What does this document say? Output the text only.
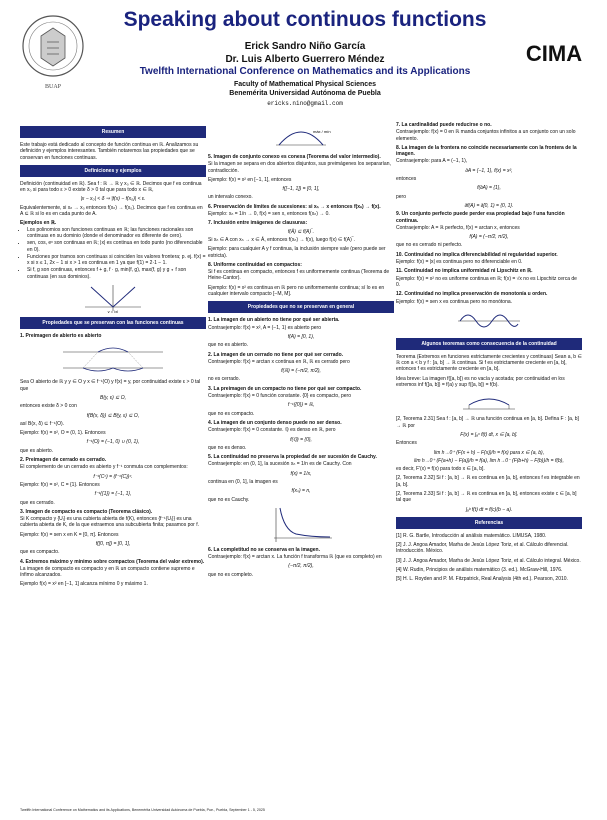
BUAP
Speaking about continuos functions
Erick Sandro Niño García
Dr. Luis Alberto Guerrero Méndez
Twelfth International Conference on Mathematics and its Applications
Faculty of Mathematical Physical Sciences
Benemérita Universidad Autónoma de Puebla
ericks.nino@gmail.com
CIMA
Resumen
Este trabajo está dedicado al concepto de función continua en ℝ. Analizamos su definición y ejemplos interesantes. También notaremos las propiedades que se conservan en funciones continuas.
Definiciones y ejemplos
Definición (continuidad en ℝ). Sea f : ℝ → ℝ y x₀ ∈ ℝ. Decimos que f es continua en x₀ si para todo ε > 0 existe δ > 0 tal que para todo x ∈ ℝ,
|x − x₀| < δ ⇒ |f(x) − f(x₀)| < ε.
Equivalentemente, si xₙ → x₀ entonces f(xₙ) → f(x₀). Decimos que f es continua en A ⊆ ℝ si lo es en cada punto de A.
Ejemplos en ℝ.
• Los polinomios son funciones continuas en ℝ; las funciones racionales son continuas en su dominio (donde el denominador es diferente de cero).
• sen, cos, eˣ son continuas en ℝ; |x| es continua en todo punto (no diferenciable en 0).
• Funciones por tramos son continuas si coinciden los valores frontera; p. ej. f(x) = x si x ≤ 1, 2x − 1 si x > 1 es continua en 1 ya que f(1) = 2·1 − 1.
• Si f, g son continuas, entonces f + g, f · g, min(f, g), max(f, g) y g ∘ f son continuas (en sus dominios).
y = |x|
Propiedades que se preservan con las funciones continuas
1. Preimagen de abierto es abierto
Sea O abierto de ℝ y y ∈ O y x ∈ f⁻¹(O) y f(x) = y, por continuidad existe ε > 0 tal que
B(y, ε) ⊆ O,
entonces existe δ > 0 con
f(B(x, δ)) ⊆ B(y, ε) ⊆ O,
así B(x, δ) ⊆ f⁻¹(O).
Ejemplo: f(x) = x², O = (0, 1). Entonces
f⁻¹(O) = (−1, 0) ∪ (0, 1),
que es abierto.
2. Preimagen de cerrado es cerrado.
El complemento de un cerrado es abierto y f⁻¹ conmuta con complementos:
f⁻¹(Cᶜ) = (f⁻¹(C))ᶜ.
Ejemplo: f(x) = x², C = {1}. Entonces
f⁻¹({1}) = {−1, 1},
que es cerrado.
3. Imagen de compacto es compacto (Teorema clásico).
Si K compacto y {Uᵢ} es una cubierta abierta de f(K), entonces {f⁻¹(Uᵢ)} es una cubierta abierta de K, de la que extraemos una subcubierta finita; pasamos por f.
Ejemplo: f(x) = sen x en K = [0, π]. Entonces
f([0, π]) = [0, 1],
que es compacto.
4. Extremos máximo y mínimo sobre compactos (Teorema del valor extremo).
La imagen de compacto es compacto y en ℝ un compacto contiene supremo e ínfimo alcanzados.
Ejemplo f(x) = x² en [−1, 1] alcanza mínimo 0 y máximo 1.
máx / mín
5. Imagen de conjunto conexo es conexa (Teorema del valor intermedio).
Si la imagen se separa en dos abiertos disjuntos, sus preimágenes los separarían, contradicción.
Ejemplo: f(x) = x² en [−1, 1], entonces
f([−1, 1]) = [0, 1],
un intervalo conexo.
6. Preservación de límites de sucesiones: si xₙ → x entonces f(xₙ) → f(x).
Ejemplo: xₙ = 1/n → 0, f(x) = sen x, entonces f(xₙ) → 0.
7. Inclusión entre imágenes de clausuras:
f(Ā) ⊆ f(A)‾.
Si xₙ ∈ A con xₙ → x ∈ Ā, entonces f(xₙ) → f(x), luego f(x) ∈ f(A)‾.
Ejemplo: para cualquier A y f continua, la inclusión siempre vale (pero puede ser estricta).
8. Uniforme continuidad en compactos:
Si f es continua en compacto, entonces f es uniformemente continua (Teorema de Heine-Cantor).
Ejemplo: f(x) = x² es continua en ℝ pero no uniformemente continua; sí lo es en cualquier intervalo compacto [−M, M].
Propiedades que no se preservan en general
1. La imagen de un abierto no tiene por qué ser abierta.
Contraejemplo: f(x) = x², A = (−1, 1) es abierto pero
f(A) = [0, 1),
que no es abierto.
2. La imagen de un cerrado no tiene por qué ser cerrado.
Contraejemplo: f(x) = arctan x continua en ℝ, ℝ es cerrado pero
f(ℝ) = (−π/2, π/2),
no es cerrado.
3. La preimagen de un compacto no tiene por qué ser compacto.
Contraejemplo: f(x) = 0 función constante. {0} es compacto, pero
f⁻¹({0}) = ℝ,
que no es compacto.
4. La imagen de un conjunto denso puede no ser denso.
Contraejemplo: f(x) = 0 constante. ℚ es denso en ℝ, pero
f(ℚ) = {0},
que no es denso.
5. La continuidad no preserva la propiedad de ser sucesión de Cauchy.
Contraejemplo: en (0, 1], la sucesión xₙ = 1/n es de Cauchy. Con
f(x) = 1/x,
continua en (0, 1], la imagen es
f(xₙ) = n,
que no es Cauchy.
6. La completitud no se conserva en la imagen.
Contraejemplo: f(x) = arctan x. La función f transforma ℝ (que es completo) en
(−π/2, π/2),
que no es completo.
7. La cardinalidad puede reducirse o no.
Contraejemplo: f(x) = 0 en ℝ manda conjuntos infinitos a un conjunto con un solo elemento.
8. La imagen de la frontera no coincide necesariamente con la frontera de la imagen.
Contraejemplo: para A = (−1, 1),
∂A = {−1, 1}, f(x) = x²,
entonces
f(∂A) = {1},
pero
∂f(A) = ∂[0, 1) = {0, 1}.
9. Un conjunto perfecto puede perder esa propiedad bajo f una función continua.
Contraejemplo: A = ℝ perfecto, f(x) = arctan x, entonces
f(A) = (−π/2, π/2),
que no es cerrado ni perfecto.
10. Continuidad no implica diferenciabilidad ni regularidad superior.
Ejemplo: f(x) = |x| es continua pero no diferenciable en 0.
11. Continuidad no implica uniformidad ni Lipschitz en ℝ.
Ejemplo: f(x) = x² no es uniforme continua en ℝ; f(x) = √x no es Lipschitz cerca de 0.
12. Continuidad no implica preservación de monotonía u orden.
Ejemplo: f(x) = sen x es continua pero no monótona.
Algunos teoremas como consecuencia de la continuidad
Teorema (Extremos en funciones estrictamente crecientes y continuas) Sean a, b ∈ ℝ con a < b y f : [a, b] → ℝ continua. Si f es estrictamente creciente en [a, b], entonces f es estrictamente creciente en [a, b].
Idea breve: La imagen f([a, b]) es no vacía y acotada; por continuidad en los extremos inf f([a, b]) = f(a) y sup f([a, b]) = f(b).
[2, Teorema 2.31] Sea f : [a, b] → ℝ una función continua en [a, b]. Defina F : [a, b] → ℝ por
F(x) = ∫ₐˣ f(t) dt, x ∈ [a, b].
Entonces
lim h→0⁺ (F(x + h) − F(x))/h = f(x) para x ∈ (a, b),
lim h→0⁺ (F(a+h) − F(a))/h = f(a), lim h→0⁻ (F(b+h) − F(b))/h = f(b),
es decir, F'(x) = f(x) para todo x ∈ [a, b].
[2, Teorema 2.32] Si f : [a, b] → ℝ es continua en [a, b], entonces f es integrable en [a, b].
[2, Teorema 2.33] Si f : [a, b] → ℝ es continua en [a, b], entonces existe c ∈ [a, b] tal que
∫ₐᵇ f(t) dt = f(c)(b − a).
Referencias
[1] R. G. Bartle, Introducción al análisis matemático. LIMUSA, 1980.
[2] J. J. Angoa Amador, Marha de Jesús López Toriz, et al. Cálculo diferencial. Introducción. México.
[3] J. J. Angoa Amador, Marha de Jesús López Toriz, et al. Cálculo integral. México.
[4] W. Rudin, Principios de análisis matemático (3. ed.). McGraw-Hill, 1976.
[5] H. L. Royden and P. M. Fitzpatrick, Real Analysis (4th ed.). Pearson, 2010.
Twelfth International Conference on Mathematics and its Applications, Benemérita Universidad Autónoma de Puebla, Pue., Puebla, September 1 - 5, 2025
